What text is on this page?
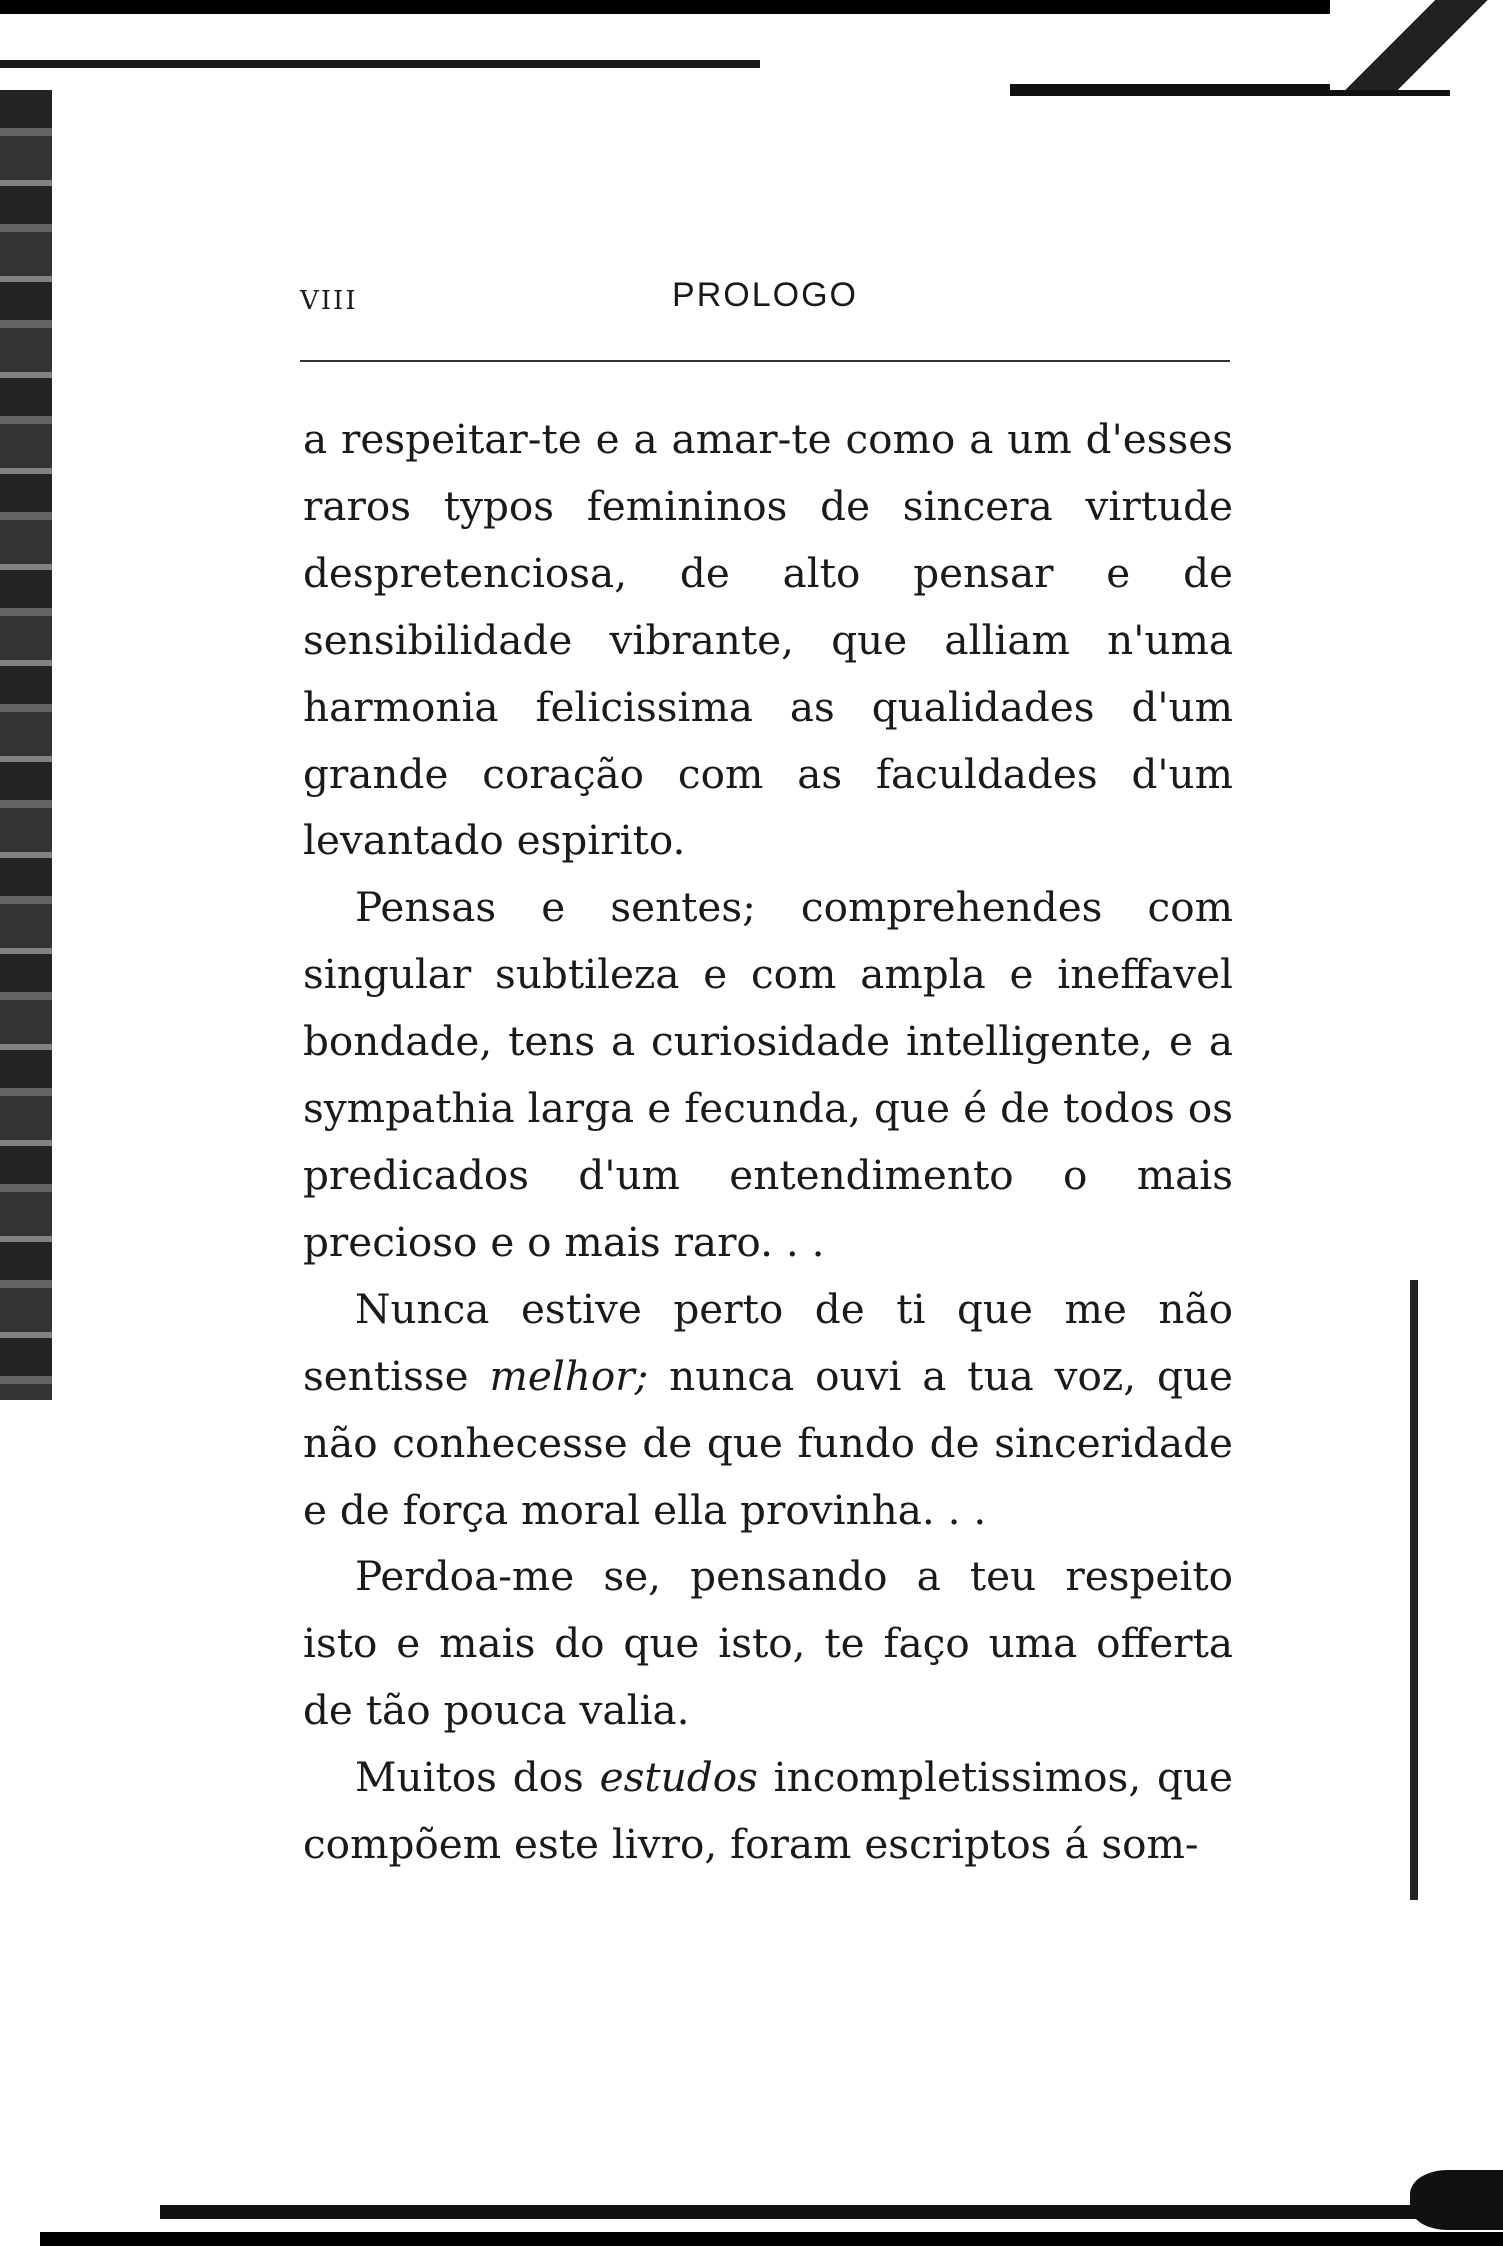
VIII	PROLOGO

a respeitar-te e a amar-te como a um d'esses raros typos femininos de sincera virtude despretenciosa, de alto pensar e de sensibilidade vibrante, que alliam n'uma harmonia felicissima as qualidades d'um grande coração com as faculdades d'um levantado espirito.

Pensas e sentes; comprehendes com singular subtileza e com ampla e ineffavel bondade, tens a curiosidade intelligente, e a sympathia larga e fecunda, que é de todos os predicados d'um entendimento o mais precioso e o mais raro. . .

Nunca estive perto de ti que me não sentisse melhor; nunca ouvi a tua voz, que não conhecesse de que fundo de sinceridade e de força moral ella provinha. . .

Perdoa-me se, pensando a teu respeito isto e mais do que isto, te faço uma offerta de tão pouca valia.

Muitos dos estudos incompletissimos, que compõem este livro, foram escriptos á som-
